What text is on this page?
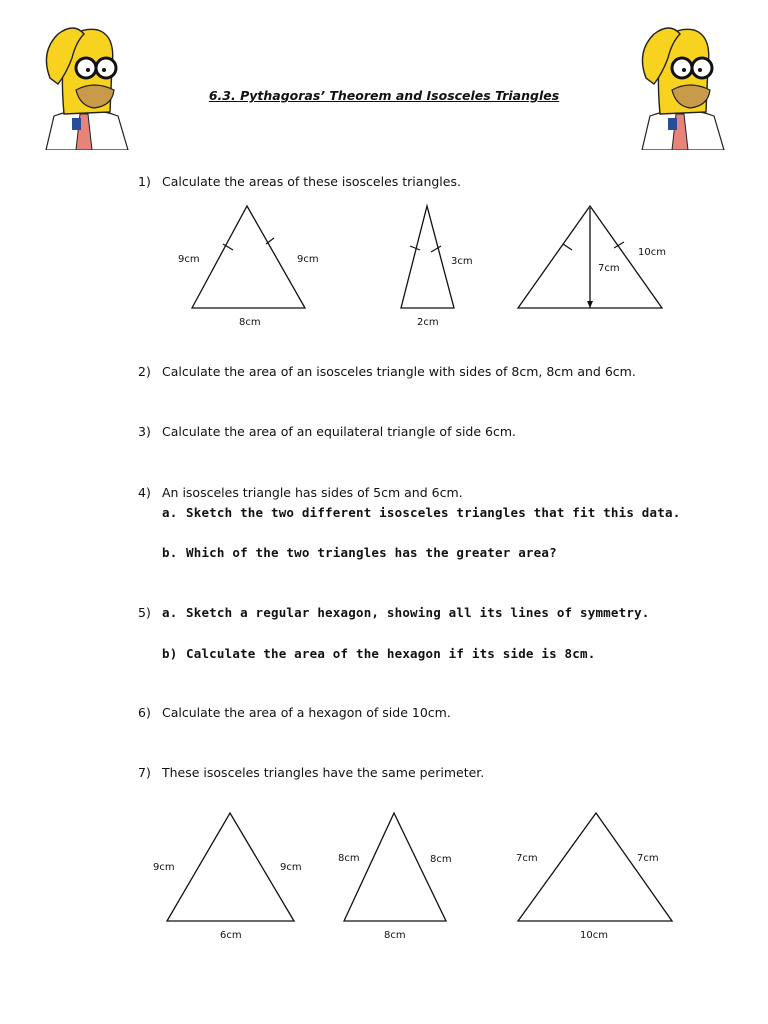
6.3. Pythagoras’ Theorem and Isosceles Triangles
1) Calculate the areas of these isosceles triangles.
9cm	9cm
8cm
3cm
2cm
10cm
7cm
2) Calculate the area of an isosceles triangle with sides of 8cm, 8cm and 6cm.
3) Calculate the area of an equilateral triangle of side 6cm.
4) An isosceles triangle has sides of 5cm and 6cm.
a. Sketch the two different isosceles triangles that fit this data.
b. Which of the two triangles has the greater area?
5) a. Sketch a regular hexagon, showing all its lines of symmetry.
b) Calculate the area of the hexagon if its side is 8cm.
6) Calculate the area of a hexagon of side 10cm.
7) These isosceles triangles have the same perimeter.
9cm	9cm
6cm
8cm	8cm
8cm
7cm	7cm
10cm
